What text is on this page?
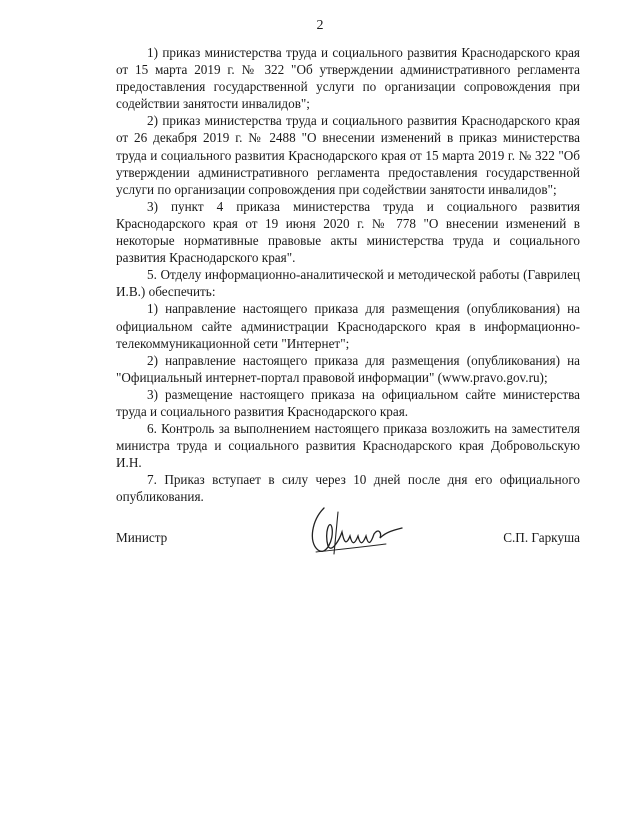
2

1) приказ министерства труда и социального развития Краснодарского края от 15 марта 2019 г. № 322 "Об утверждении административного регламента предоставления государственной услуги по организации сопровождения при содействии занятости инвалидов";

2) приказ министерства труда и социального развития Краснодарского края от 26 декабря 2019 г. № 2488 "О внесении изменений в приказ министерства труда и социального развития Краснодарского края от 15 марта 2019 г. № 322 "Об утверждении административного регламента предоставления государственной услуги по организации сопровождения при содействии занятости инвалидов";

3) пункт 4 приказа министерства труда и социального развития Краснодарского края от 19 июня 2020 г. № 778 "О внесении изменений в некоторые нормативные правовые акты министерства труда и социального развития Краснодарского края".

5. Отделу информационно-аналитической и методической работы (Гаврилец И.В.) обеспечить:

1) направление настоящего приказа для размещения (опубликования) на официальном сайте администрации Краснодарского края в информационно-телекоммуникационной сети "Интернет";

2) направление настоящего приказа для размещения (опубликования) на "Официальный интернет-портал правовой информации" (www.pravo.gov.ru);

3) размещение настоящего приказа на официальном сайте министерства труда и социального развития Краснодарского края.

6. Контроль за выполнением настоящего приказа возложить на заместителя министра труда и социального развития Краснодарского края Добровольскую И.Н.

7. Приказ вступает в силу через 10 дней после дня его официального опубликования.

Министр	С.П. Гаркуша
